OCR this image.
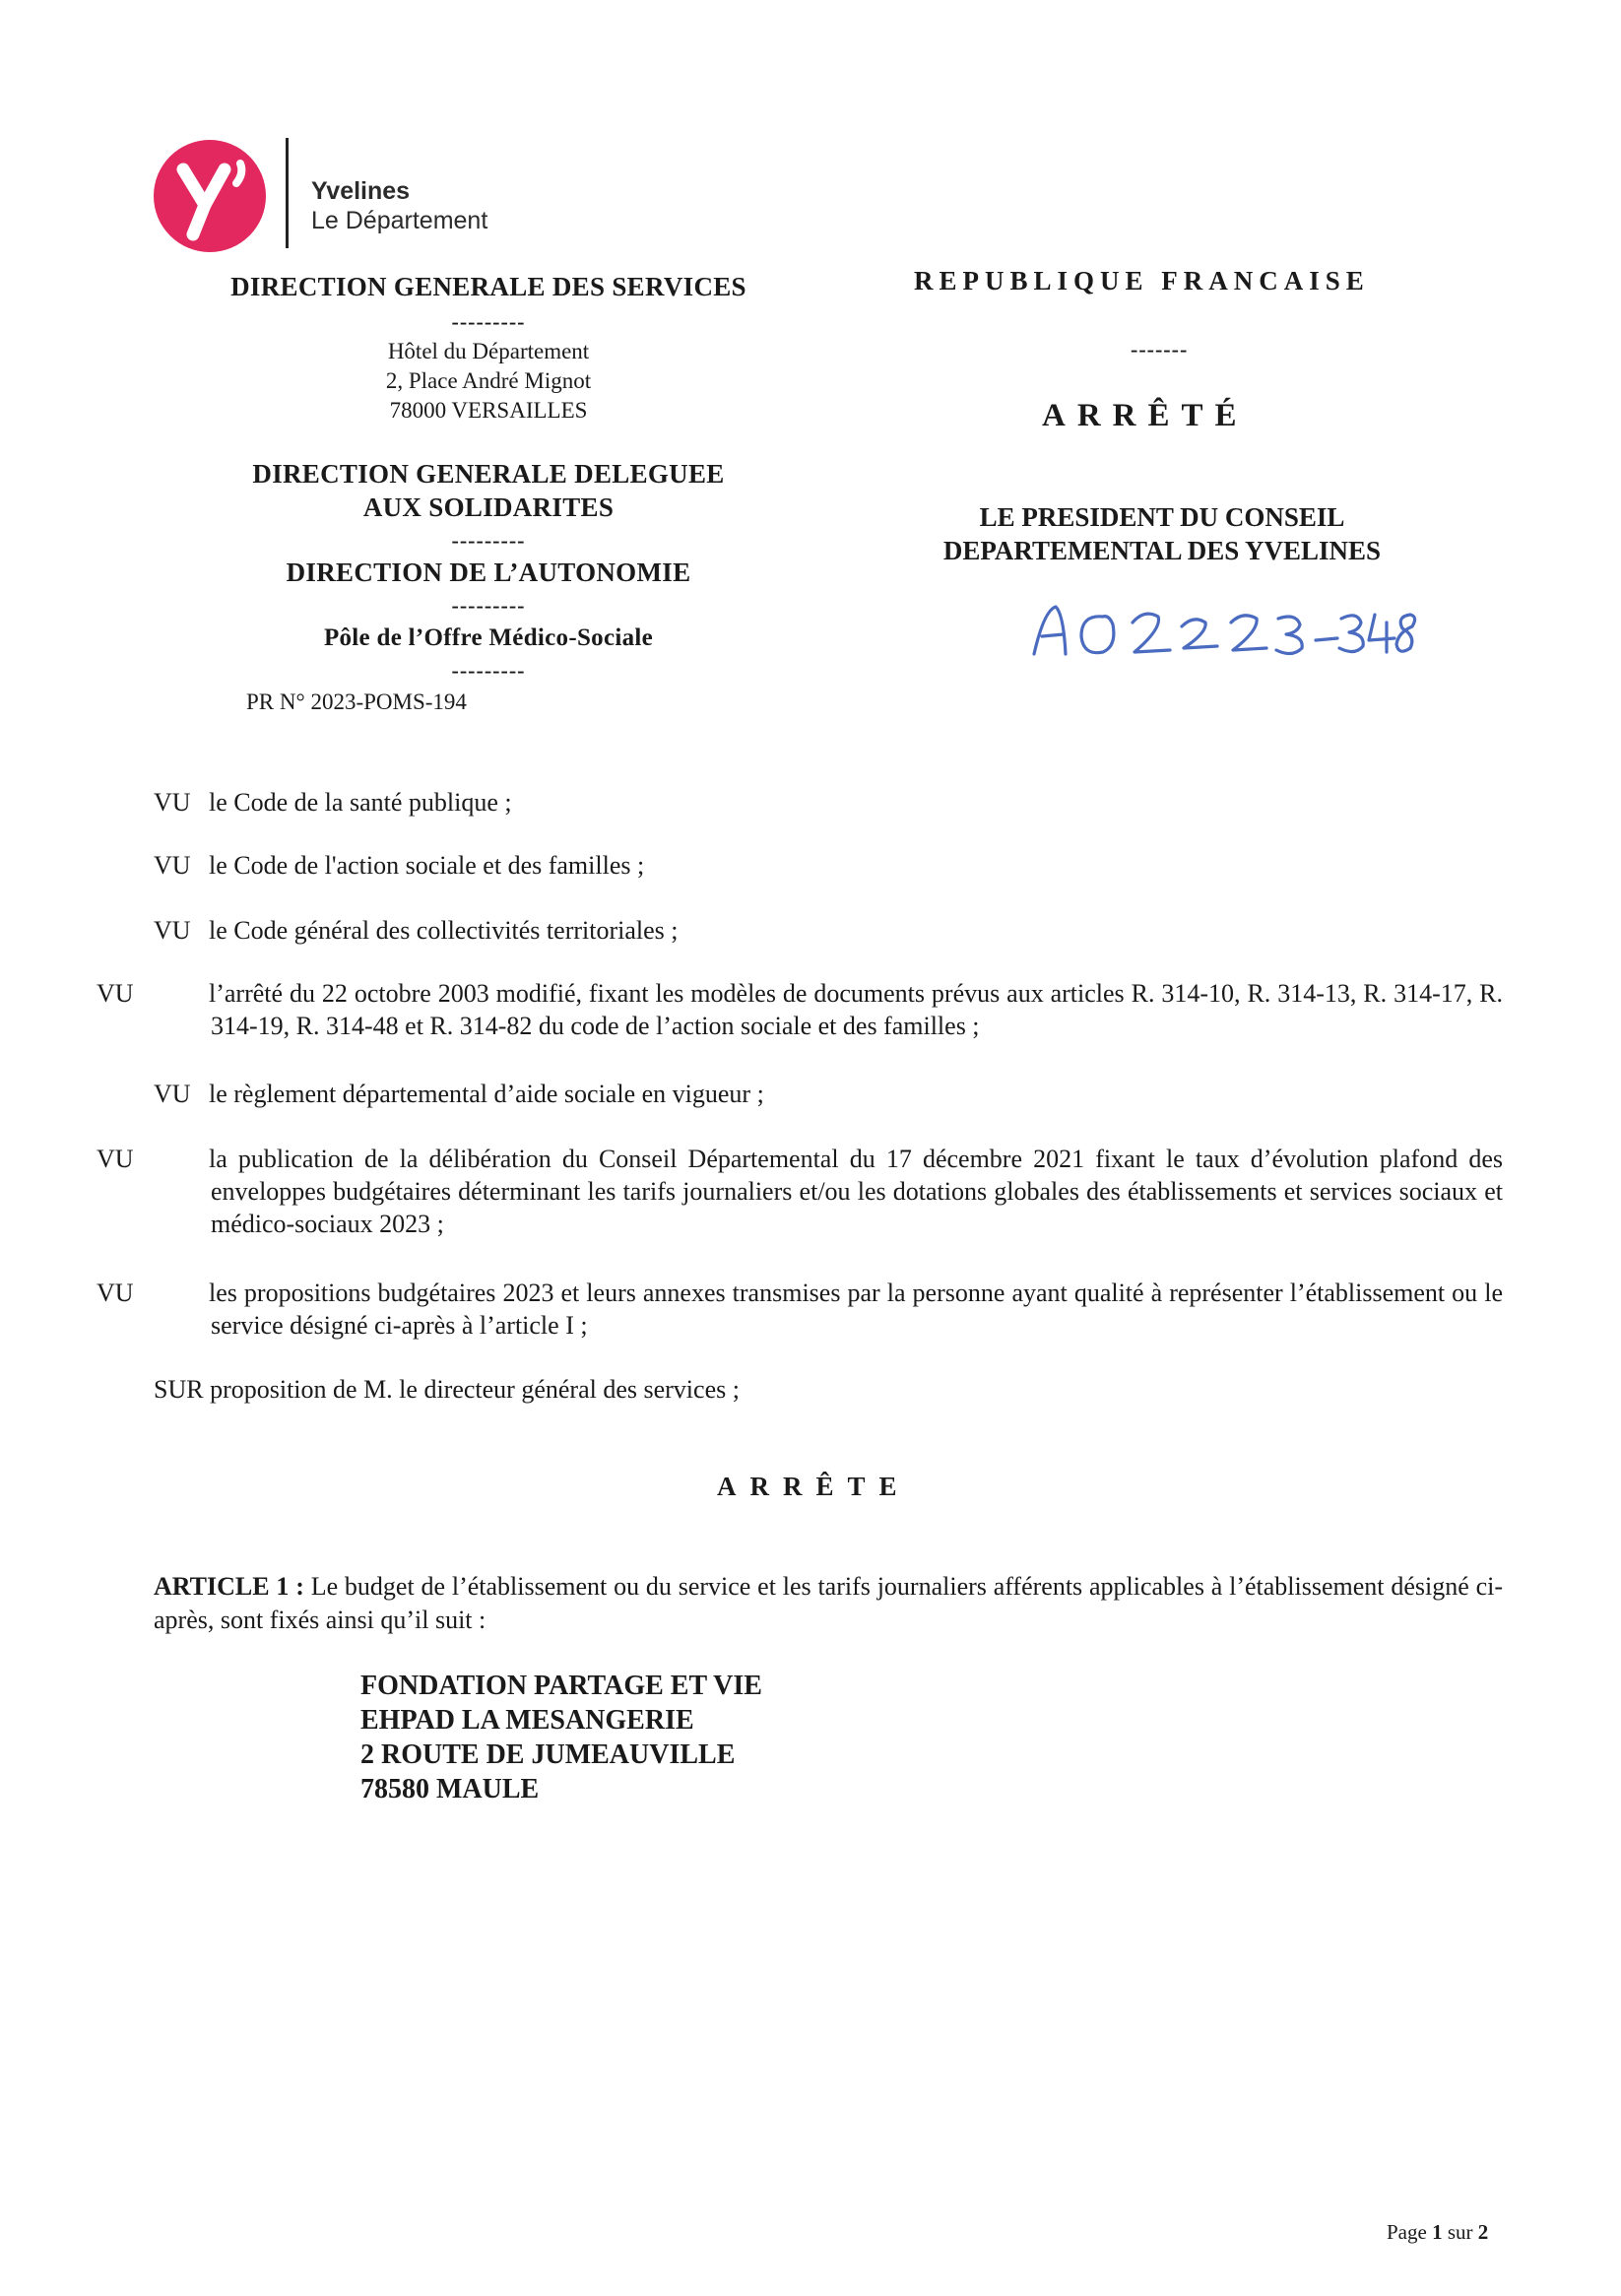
Yvelines
Le Département
DIRECTION GENERALE DES SERVICES
---------
Hôtel du Département
2, Place André Mignot
78000 VERSAILLES
DIRECTION GENERALE DELEGUEE
AUX SOLIDARITES
---------
DIRECTION DE L’AUTONOMIE
---------
Pôle de l’Offre Médico-Sociale
---------
PR N° 2023-POMS-194
REPUBLIQUE FRANCAISE
-------
ARRÊTÉ
LE PRESIDENT DU CONSEIL
DEPARTEMENTAL DES YVELINES
VU le Code de la santé publique ;
VU le Code de l'action sociale et des familles ;
VU le Code général des collectivités territoriales ;
VU	l’arrêté du 22 octobre 2003 modifié, fixant les modèles de documents prévus aux articles R. 314-10, R. 314-13, R. 314-17, R. 314-19, R. 314-48 et R. 314-82 du code de l’action sociale et des familles ;
VU le règlement départemental d’aide sociale en vigueur ;
VU	la publication de la délibération du Conseil Départemental du 17 décembre 2021 fixant le taux d’évolution plafond des enveloppes budgétaires déterminant les tarifs journaliers et/ou les dotations globales des établissements et services sociaux et médico-sociaux 2023 ;
VU	les propositions budgétaires 2023 et leurs annexes transmises par la personne ayant qualité à représenter l’établissement ou le service désigné ci-après à l’article I ;
SUR proposition de M. le directeur général des services ;
ARRÊTE
ARTICLE 1 : Le budget de l’établissement ou du service et les tarifs journaliers afférents applicables à l’établissement désigné ci-après, sont fixés ainsi qu’il suit :
FONDATION PARTAGE ET VIE
EHPAD LA MESANGERIE
2 ROUTE DE JUMEAUVILLE
78580 MAULE
Page 1 sur 2
